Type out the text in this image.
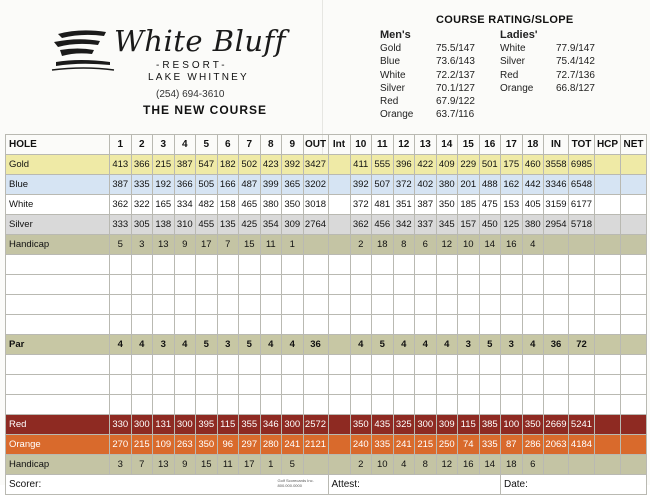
White Bluff
-RESORT-
LAKE WHITNEY
(254) 694-3610
THE NEW COURSE
COURSE RATING/SLOPE
Men's
Gold	75.5/147
Blue	73.6/143
White	72.2/137
Silver	70.1/127
Red	67.9/122
Orange	63.7/116
Ladies'
White	77.9/147
Silver	75.4/142
Red	72.7/136
Orange	66.8/127
HOLE	1	2	3	4	5	6	7	8	9	OUT	Int	10	11	12	13	14	15	16	17	18	IN	TOT	HCP	NET
Gold	413	366	215	387	547	182	502	423	392	3427		411	555	396	422	409	229	501	175	460	3558	6985		
Blue	387	335	192	366	505	166	487	399	365	3202		392	507	372	402	380	201	488	162	442	3346	6548		
White	362	322	165	334	482	158	465	380	350	3018		372	481	351	387	350	185	475	153	405	3159	6177		
Silver	333	305	138	310	455	135	425	354	309	2764		362	456	342	337	345	157	450	125	380	2954	5718		
Handicap	5	3	13	9	17	7	15	11	1			2	18	8	6	12	10	14	16	4				

Par	4	4	3	4	5	3	5	4	4	36		4	5	4	4	4	3	5	3	4	36	72		

Red	330	300	131	300	395	115	355	346	300	2572		350	435	325	300	309	115	385	100	350	2669	5241		
Orange	270	215	109	263	350	96	297	280	241	2121		240	335	241	215	250	74	335	87	286	2063	4184		
Handicap	3	7	13	9	15	11	17	1	5			2	10	4	8	12	16	14	18	6				
Scorer: Golf Scorecards Inc.
800.000.0000											Attest:								Date:					
